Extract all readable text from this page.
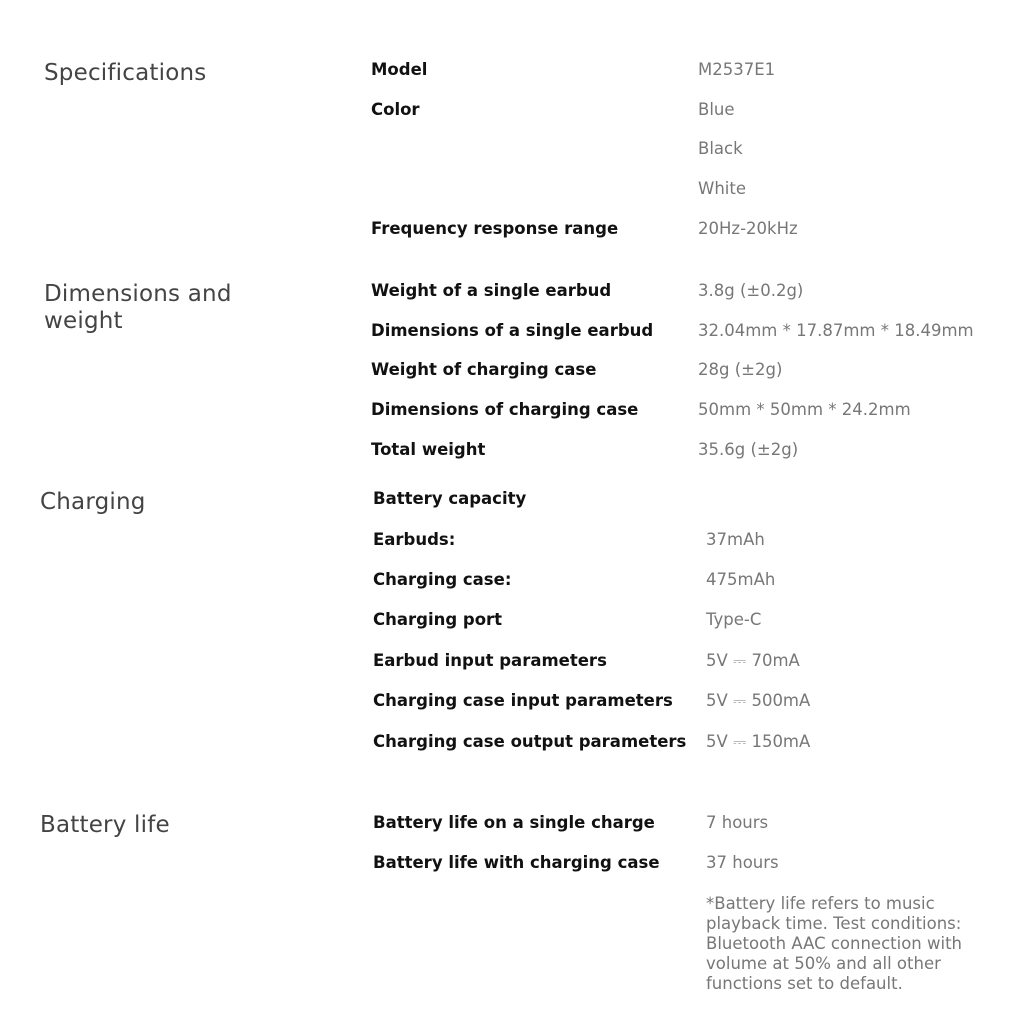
Specifications	Model	M2537E1
Color	Blue
Black
White
Frequency response range	20Hz-20kHz
Dimensions and weight
Weight of a single earbud	3.8g (±0.2g)
Dimensions of a single earbud	32.04mm * 17.87mm * 18.49mm
Weight of charging case	28g (±2g)
Dimensions of charging case	50mm * 50mm * 24.2mm
Total weight	35.6g (±2g)
Charging	Battery capacity
Earbuds:	37mAh
Charging case:	475mAh
Charging port	Type-C
Earbud input parameters	5V ⎓ 70mA
Charging case input parameters 5V ⎓ 500mA
Charging case output parameters 5V ⎓ 150mA
Battery life	Battery life on a single charge	7 hours
Battery life with charging case	37 hours
*Battery life refers to music playback time. Test conditions: Bluetooth AAC connection with volume at 50% and all other functions set to default.
